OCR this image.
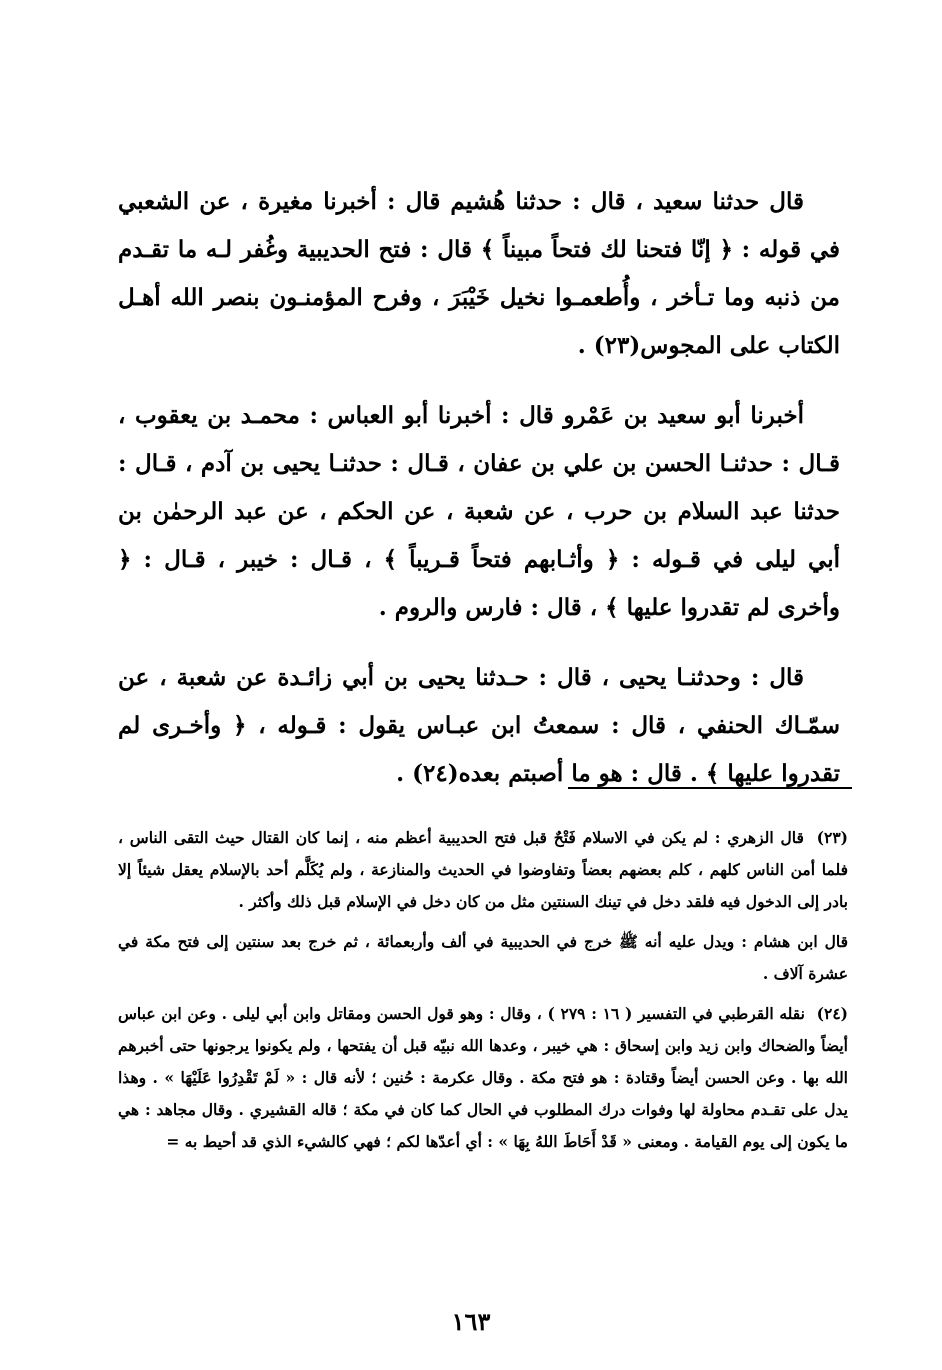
قال حدثنا سعيد ، قال : حدثنا هُشيم قال : أخبرنا مغيرة ، عن الشعبي في قوله : ﴿ إنّا فتحنا لك فتحاً مبيناً ﴾ قال : فتح الحديبية وغُفر لـه ما تقـدم من ذنبه وما تـأخر ، وأُطعمـوا نخيل خَيْبَرَ ، وفرح المؤمنـون بنصر الله أهـل الكتاب على المجوس(٢٣) .

أخبرنا أبو سعيد بن عَمْرو قال : أخبرنا أبو العباس : محمـد بن يعقوب ، قـال : حدثنـا الحسن بن علي بن عفان ، قـال : حدثنـا يحيى بن آدم ، قـال : حدثنا عبد السلام بن حرب ، عن شعبة ، عن الحكم ، عن عبد الرحمٰن بن أبي ليلى في قـوله : ﴿ وأثـابهم فتحاً قـريباً ﴾ ، قـال : خيبر ، قـال : ﴿ وأخرى لم تقدروا عليها ﴾ ، قال : فارس والروم .

قال : وحدثنـا يحيى ، قال : حـدثنا يحيى بن أبي زائـدة عن شعبة ، عن سمّـاك الحنفي ، قال : سمعتُ ابن عبـاس يقول : قـوله ، ﴿ وأخـرى لم تقدروا عليها ﴾ . قال : هو ما أصبتم بعده(٢٤) .

(٢٣) قال الزهري : لم يكن في الاسلام فَتْحٌ قبل فتح الحديبية أعظم منه ، إنما كان القتال حيث التقى الناس ، فلما أمن الناس كلهم ، كلم بعضهم بعضاً وتفاوضوا في الحديث والمنازعة ، ولم يُكَلَّم أحد بالإسلام يعقل شيئاً إلا بادر إلى الدخول فيه فلقد دخل في تينك السنتين مثل من كان دخل في الإسلام قبل ذلك وأكثر .

قال ابن هشام : ويدل عليه أنه ﷺ خرج في الحديبية في ألف وأربعمائة ، ثم خرج بعد سنتين إلى فتح مكة في عشرة آلاف .

(٢٤) نقله القرطبي في التفسير ( ١٦ : ٢٧٩ ) ، وقال : وهو قول الحسن ومقاتل وابن أبي ليلى . وعن ابن عباس أيضاً والضحاك وابن زيد وابن إسحاق : هي خيبر ، وعدها الله نبيّه قبل أن يفتحها ، ولم يكونوا يرجونها حتى أخبرهم الله بها . وعن الحسن أيضاً وقتادة : هو فتح مكة . وقال عكرمة : حُنين ؛ لأنه قال : « لَمْ تَقْدِرُوا عَلَيْهَا » . وهذا يدل على تقـدم محاولة لها وفوات درك المطلوب في الحال كما كان في مكة ؛ قاله القشيري . وقال مجاهد : هي ما يكون إلى يوم القيامة . ومعنى « قَدْ أَحَاطَ اللهُ بِهَا » : أي أعدّها لكم ؛ فهي كالشيء الذي قد أحيط به =

١٦٣
